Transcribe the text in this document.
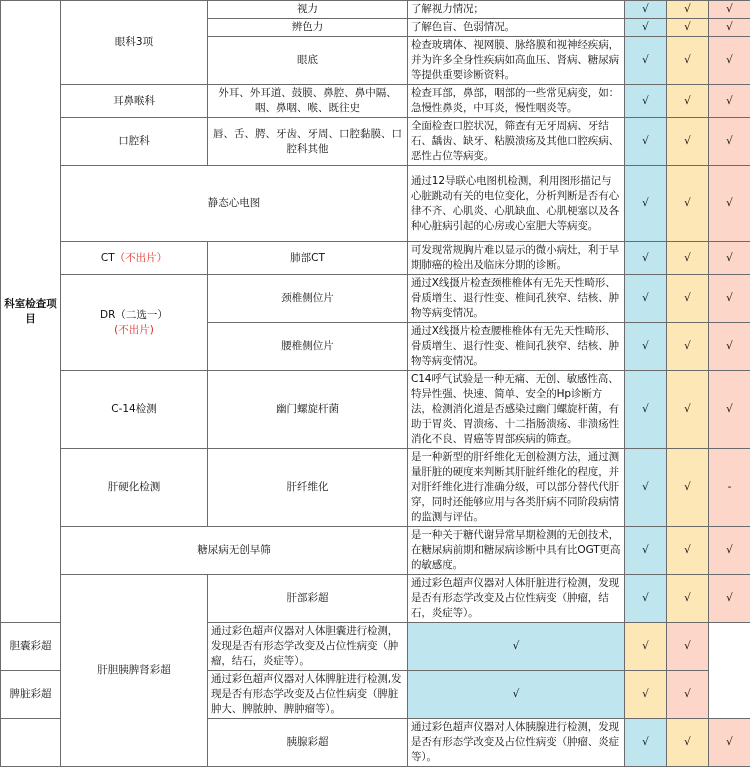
科室检查项目	眼科3项	视力	了解视力情况；	√	√	√
		辨色力	了解色盲、色弱情况。	√	√	√
		眼底	检查玻璃体、视网膜、脉络膜和视神经疾病，并为许多全身性疾病如高血压、肾病、糖尿病等提供重要诊断资料。	√	√	√
	耳鼻喉科	外耳、外耳道、鼓膜、鼻腔、鼻中隔、咽、鼻咽、喉、既往史	检查耳部，鼻部，咽部的一些常见病变，如：急慢性鼻炎，中耳炎，慢性咽炎等。	√	√	√
	口腔科	唇、舌、腭、牙齿、牙周、口腔黏膜、口腔科其他	全面检查口腔状况，筛查有无牙周病、牙结石、龋齿、缺牙、粘膜溃疡及其他口腔疾病、恶性占位等病变。	√	√	√
	静态心电图		通过12导联心电图机检测，利用图形描记与心脏跳动有关的电位变化，分析判断是否有心律不齐、心肌炎、心肌缺血、心肌梗塞以及各种心脏病引起的心房或心室肥大等病变。	√	√	√
	CT（不出片）	肺部CT	可发现常规胸片难以显示的微小病灶，利于早期肺癌的检出及临床分期的诊断。	√	√	√

	DR（二选一）
(不出片)	颈椎侧位片	通过X线摄片检查颈椎椎体有无先天性畸形、骨质增生、退行性变、椎间孔狭窄、结核、肿物等病变情况。	√	√	√
		腰椎侧位片	通过X线摄片检查腰椎椎体有无先天性畸形、骨质增生、退行性变、椎间孔狭窄、结核、肿物等病变情况。	√	√	√
	C-14检测	幽门螺旋杆菌	C14呼气试验是一种无痛、无创、敏感性高、特异性强、快速、简单、安全的Hp诊断方法，检测消化道是否感染过幽门螺旋杆菌，有助于胃炎、胃溃疡、十二指肠溃疡、非溃疡性消化不良、胃癌等胃部疾病的筛查。	√	√	√
	肝硬化检测	肝纤维化	是一种新型的肝纤维化无创检测方法，通过测量肝脏的硬度来判断其肝脏纤维化的程度，并对肝纤维化进行准确分级，可以部分替代代肝穿，同时还能够应用与各类肝病不同阶段病情的监测与评估。	√	√	-
	糖尿病无创早筛		是一种关于糖代谢异常早期检测的无创技术，在糖尿病前期和糖尿病诊断中具有比OGT更高的敏感度。	√	√	√
	肝胆胰脾肾彩超	肝部彩超	通过彩色超声仪器对人体肝脏进行检测，发现是否有形态学改变及占位性病变（肿瘤，结石，炎症等）。	√	√	√
胆囊彩超		通过彩色超声仪器对人体胆囊进行检测，发现是否有形态学改变及占位性病变（肿瘤，结石，炎症等）。	√	√	√	
脾脏彩超		通过彩色超声仪器对人体脾脏进行检测,发现是否有形态学改变及占位性病变（脾脏肿大、脾脓肿、脾肿瘤等）。	√	√	√	
		胰腺彩超	通过彩色超声仪器对人体胰腺进行检测，发现是否有形态学改变及占位性病变（肿瘤、炎症等）。	√	√	√
